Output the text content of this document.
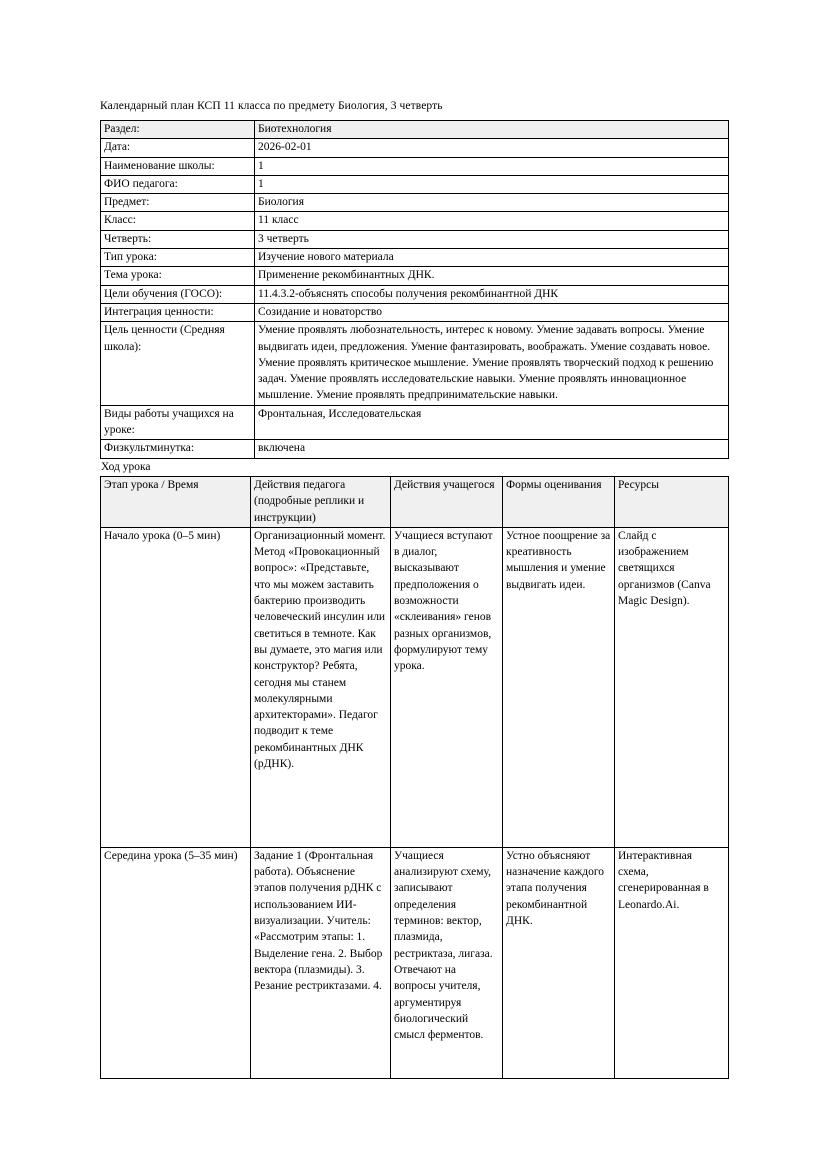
Календарный план КСП 11 класса по предмету Биология, 3 четверть

Раздел:	Биотехнология
Дата:	2026-02-01
Наименование школы:	1
ФИО педагога:	1
Предмет:	Биология
Класс:	11 класс
Четверть:	3 четверть
Тип урока:	Изучение нового материала
Тема урока:	Применение рекомбинантных ДНК.
Цели обучения (ГОСО):	11.4.3.2-объяснять способы получения рекомбинантной ДНК
Интеграция ценности:	Созидание и новаторство
Цель ценности (Средняя школа):	Умение проявлять любознательность, интерес к новому. Умение задавать вопросы. Умение выдвигать идеи, предложения. Умение фантазировать, воображать. Умение создавать новое. Умение проявлять критическое мышление. Умение проявлять творческий подход к решению задач. Умение проявлять исследовательские навыки. Умение проявлять инновационное мышление. Умение проявлять предпринимательские навыки.
Виды работы учащихся на уроке:	Фронтальная, Исследовательская
Физкультминутка:	включена

Ход урока

Этап урока / Время	Действия педагога (подробные реплики и инструкции)	Действия учащегося	Формы оценивания	Ресурсы
Начало урока (0–5 мин)	Организационный момент. Метод «Провокационный вопрос»: «Представьте, что мы можем заставить бактерию производить человеческий инсулин или светиться в темноте. Как вы думаете, это магия или конструктор? Ребята, сегодня мы станем молекулярными архитекторами». Педагог подводит к теме рекомбинантных ДНК (рДНК).	Учащиеся вступают в диалог, высказывают предположения о возможности «склеивания» генов разных организмов, формулируют тему урока.	Устное поощрение за креативность мышления и умение выдвигать идеи.	Слайд с изображением светящихся организмов (Canva Magic Design).
Середина урока (5–35 мин)	Задание 1 (Фронтальная работа). Объяснение этапов получения рДНК с использованием ИИ-визуализации. Учитель: «Рассмотрим этапы: 1. Выделение гена. 2. Выбор вектора (плазмиды). 3. Резание рестриктазами. 4.	Учащиеся анализируют схему, записывают определения терминов: вектор, плазмида, рестриктаза, лигаза. Отвечают на вопросы учителя, аргументируя биологический смысл ферментов.	Устно объясняют назначение каждого этапа получения рекомбинантной ДНК.	Интерактивная схема, сгенерированная в Leonardo.Ai.
